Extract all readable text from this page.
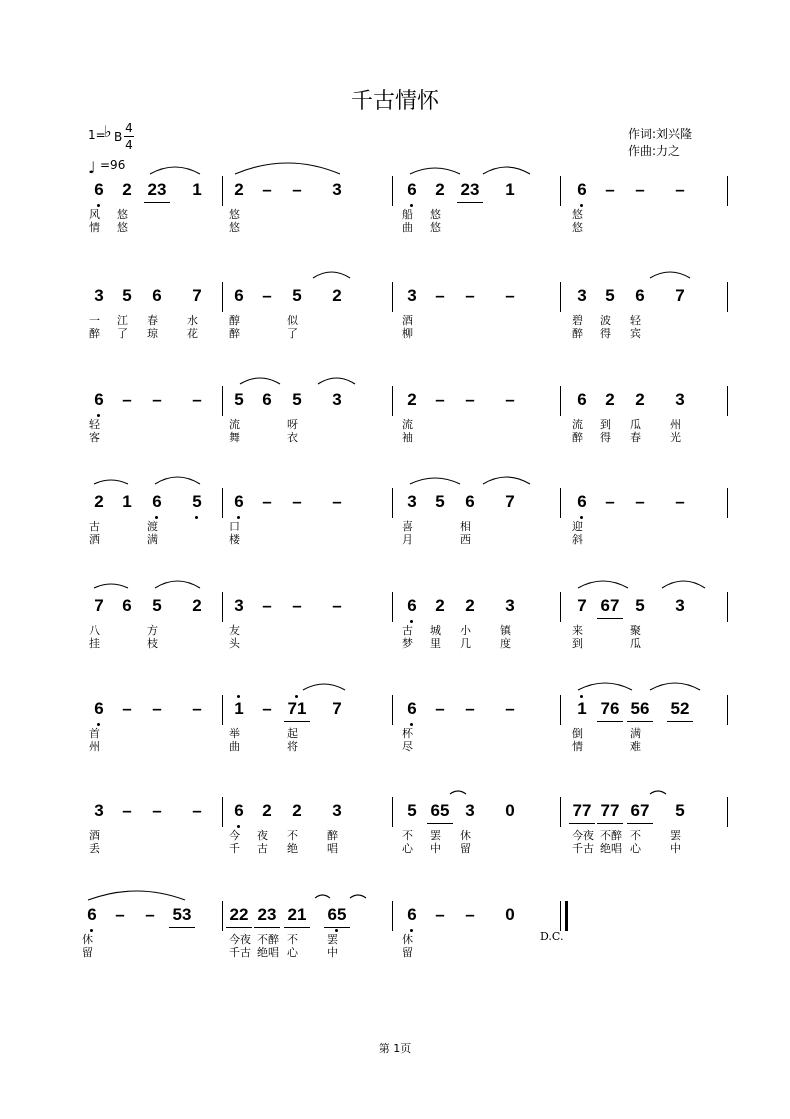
千古情怀
1=
♭ B
4
4
♩ =96
作词:刘兴隆
作曲:力之
6 2 23 1
风 悠
情 悠
2 – – 3
悠
悠
6 2 23 1
船 悠
曲 悠
6 – – –
悠
悠
3 5 6 7
一 江 春	水
醉 了 琼	花
6 – 5 2
醇	似
醉	了
3 – – –
酒
柳
3 5 6 7
碧 波 轻
醉 得 宾
6 – – –
轻
客
5 6 5 3
流	呀
舞	衣
2 – – –
流
袖
6 2 2 3
流 到 瓜	州
醉 得 春	光
2 1 6 5
古	渡
洒	满
6 – – –
口
楼
3 5 6 7
喜	相
月	西
6 – – –
迎
斜
7 6 5 2
八	方
挂	枝
3 – – –
友
头
6 2 2 3
古 城 小	镇
梦 里 几	度
7 67 5 3
来	聚
到	瓜
6 – – –
首
州
1 – 71 7
举	起
曲	将
6 – – –
杯
尽
1 76 56 52
倒	满
情	难
3 – – –
酒
丢
6 2 2 3
今 夜 不	醉
千 古 绝	唱
5 65 3 0
不 罢 休
心 中 留
77 77 67 5
今夜 不醉 不	罢
千古 绝唱 心	中
6 – – 53
休
留
22 23 21 65
今夜 不醉 不	罢
千古 绝唱 心	中
6 – – 0
休
留
D.C.
第 1页
